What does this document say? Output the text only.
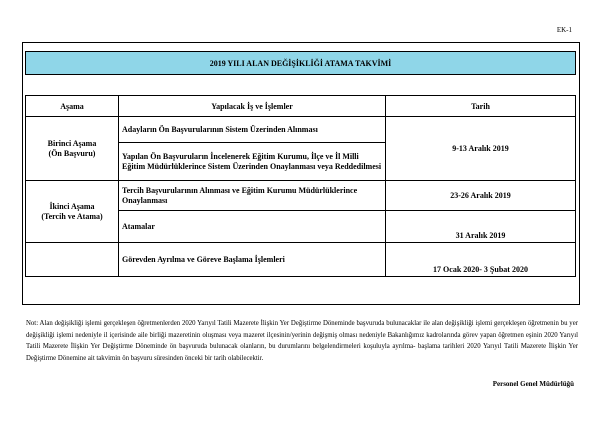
EK-1
2019 YILI ALAN DEĞİŞİKLİĞİ ATAMA TAKVİMİ
Aşama	Yapılacak İş ve İşlemler	Tarih

Birinci Aşama
(Ön Başvuru)	Adayların Ön Başvurularının Sistem Üzerinden Alınması	9-13 Aralık 2019
	Yapılan Ön Başvuruların İncelenerek Eğitim Kurumu, İlçe ve İl Milli Eğitim Müdürlüklerince Sistem Üzerinden Onaylanması veya Reddedilmesi	

İkinci Aşama
(Tercih ve Atama)	Tercih Başvurularının Alınması ve Eğitim Kurumu Müdürlüklerince Onaylanması	23-26 Aralık 2019
	Atamalar	31 Aralık 2019
	Görevden Ayrılma ve Göreve Başlama İşlemleri	17 Ocak 2020- 3 Şubat 2020
Not: Alan değişikliği işlemi gerçekleşen öğretmenlerden 2020 Yarıyıl Tatili Mazerete İlişkin Yer Değiştirme Döneminde başvuruda bulunacaklar ile alan değişikliği işlemi gerçekleşen öğretmenin bu yer değişikliği işlemi nedeniyle il içerisinde aile birliği mazeretinin oluşması veya mazeret ilçesinin/yerinin değişmiş olması nedeniyle Bakanlığımız kadrolarında görev yapan öğretmen eşinin 2020 Yarıyıl Tatili Mazerete İlişkin Yer Değiştirme Döneminde ön başvuruda bulunacak olanların, bu durumlarını belgelendirmeleri koşuluyla ayrılma- başlama tarihleri 2020 Yarıyıl Tatili Mazerete İlişkin Yer Değiştirme Dönemine ait takvimin ön başvuru süresinden önceki bir tarih olabilecektir.
Personel Genel Müdürlüğü
